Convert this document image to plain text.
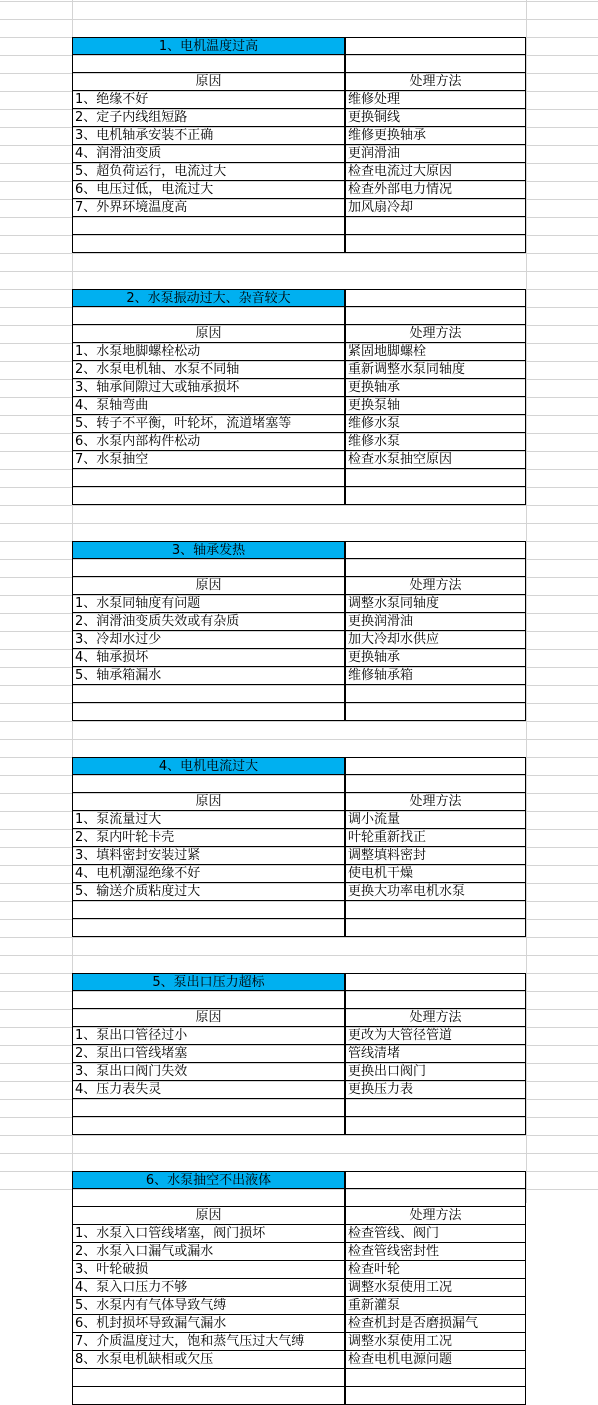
1、电机温度过高
原因	处理方法
1、绝缘不好	维修处理
2、定子内线组短路	更换铜线
3、电机轴承安装不正确	维修更换轴承
4、润滑油变质	更润滑油
5、超负荷运行，电流过大	检查电流过大原因
6、电压过低，电流过大	检查外部电力情况
7、外界环境温度高	加风扇冷却
2、水泵振动过大、杂音较大
原因	处理方法
1、水泵地脚螺栓松动	紧固地脚螺栓
2、水泵电机轴、水泵不同轴	重新调整水泵同轴度
3、轴承间隙过大或轴承损坏	更换轴承
4、泵轴弯曲	更换泵轴
5、转子不平衡，叶轮坏，流道堵塞等	维修水泵
6、水泵内部构件松动	维修水泵
7、水泵抽空	检查水泵抽空原因
3、轴承发热
原因	处理方法
1、水泵同轴度有问题	调整水泵同轴度
2、润滑油变质失效或有杂质	更换润滑油
3、冷却水过少	加大冷却水供应
4、轴承损坏	更换轴承
5、轴承箱漏水	维修轴承箱
4、电机电流过大
原因	处理方法
1、泵流量过大	调小流量
2、泵内叶轮卡壳	叶轮重新找正
3、填料密封安装过紧	调整填料密封
4、电机潮湿绝缘不好	使电机干燥
5、输送介质粘度过大	更换大功率电机水泵
5、泵出口压力超标
原因	处理方法
1、泵出口管径过小	更改为大管径管道
2、泵出口管线堵塞	管线清堵
3、泵出口阀门失效	更换出口阀门
4、压力表失灵	更换压力表
6、水泵抽空不出液体
原因	处理方法
1、水泵入口管线堵塞，阀门损坏	检查管线、阀门
2、水泵入口漏气或漏水	检查管线密封性
3、叶轮破损	检查叶轮
4、泵入口压力不够	调整水泵使用工况
5、水泵内有气体导致气缚	重新灌泵
6、机封损坏导致漏气漏水	检查机封是否磨损漏气
7、介质温度过大，饱和蒸气压过大气缚	调整水泵使用工况
8、水泵电机缺相或欠压	检查电机电源问题
